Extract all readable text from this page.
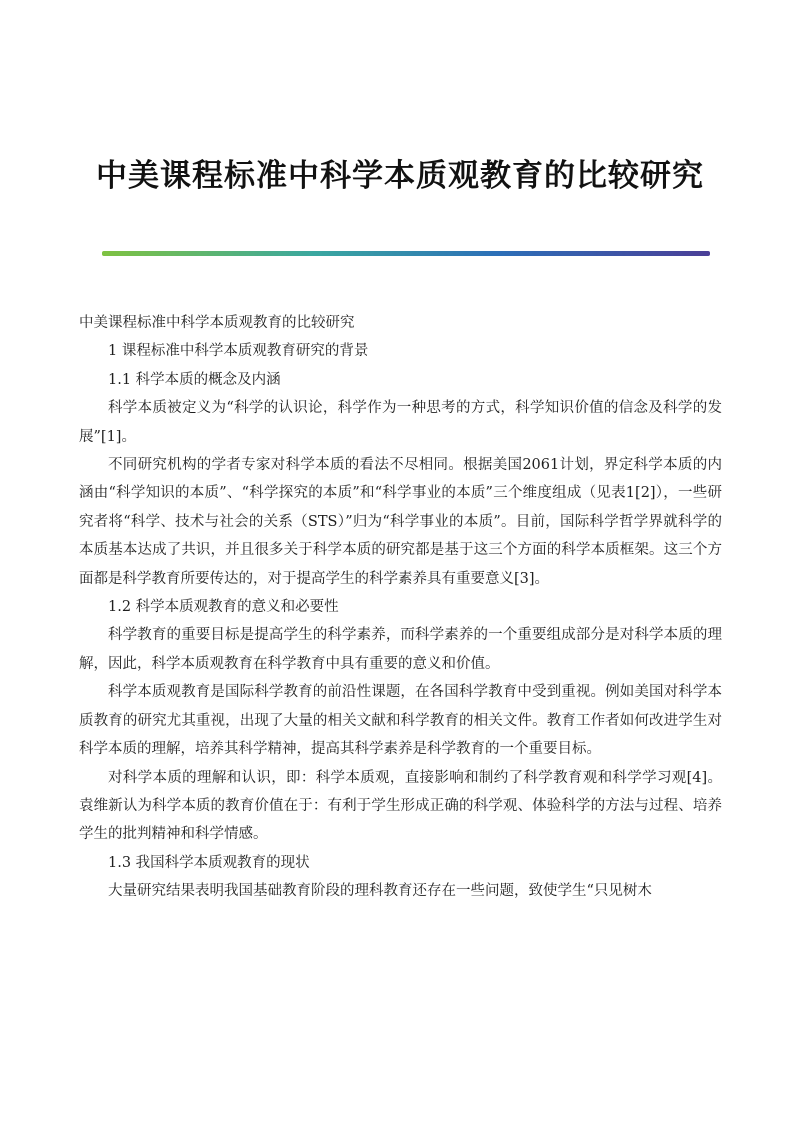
中美课程标准中科学本质观教育的比较研究

中美课程标准中科学本质观教育的比较研究

1 课程标准中科学本质观教育研究的背景

1.1 科学本质的概念及内涵

科学本质被定义为“科学的认识论，科学作为一种思考的方式，科学知识价值的信念及科学的发展”[1]。

不同研究机构的学者专家对科学本质的看法不尽相同。根据美国2061计划，界定科学本质的内涵由“科学知识的本质”、“科学探究的本质”和“科学事业的本质”三个维度组成（见表1[2]），一些研究者将“科学、技术与社会的关系（STS）”归为“科学事业的本质”。目前，国际科学哲学界就科学的本质基本达成了共识，并且很多关于科学本质的研究都是基于这三个方面的科学本质框架。这三个方面都是科学教育所要传达的，对于提高学生的科学素养具有重要意义[3]。

1.2 科学本质观教育的意义和必要性

科学教育的重要目标是提高学生的科学素养，而科学素养的一个重要组成部分是对科学本质的理解，因此，科学本质观教育在科学教育中具有重要的意义和价值。

科学本质观教育是国际科学教育的前沿性课题，在各国科学教育中受到重视。例如美国对科学本质教育的研究尤其重视，出现了大量的相关文献和科学教育的相关文件。教育工作者如何改进学生对科学本质的理解，培养其科学精神，提高其科学素养是科学教育的一个重要目标。

对科学本质的理解和认识，即：科学本质观，直接影响和制约了科学教育观和科学学习观[4]。袁维新认为科学本质的教育价值在于：有利于学生形成正确的科学观、体验科学的方法与过程、培养学生的批判精神和科学情感。

1.3 我国科学本质观教育的现状

大量研究结果表明我国基础教育阶段的理科教育还存在一些问题，致使学生“只见树木
